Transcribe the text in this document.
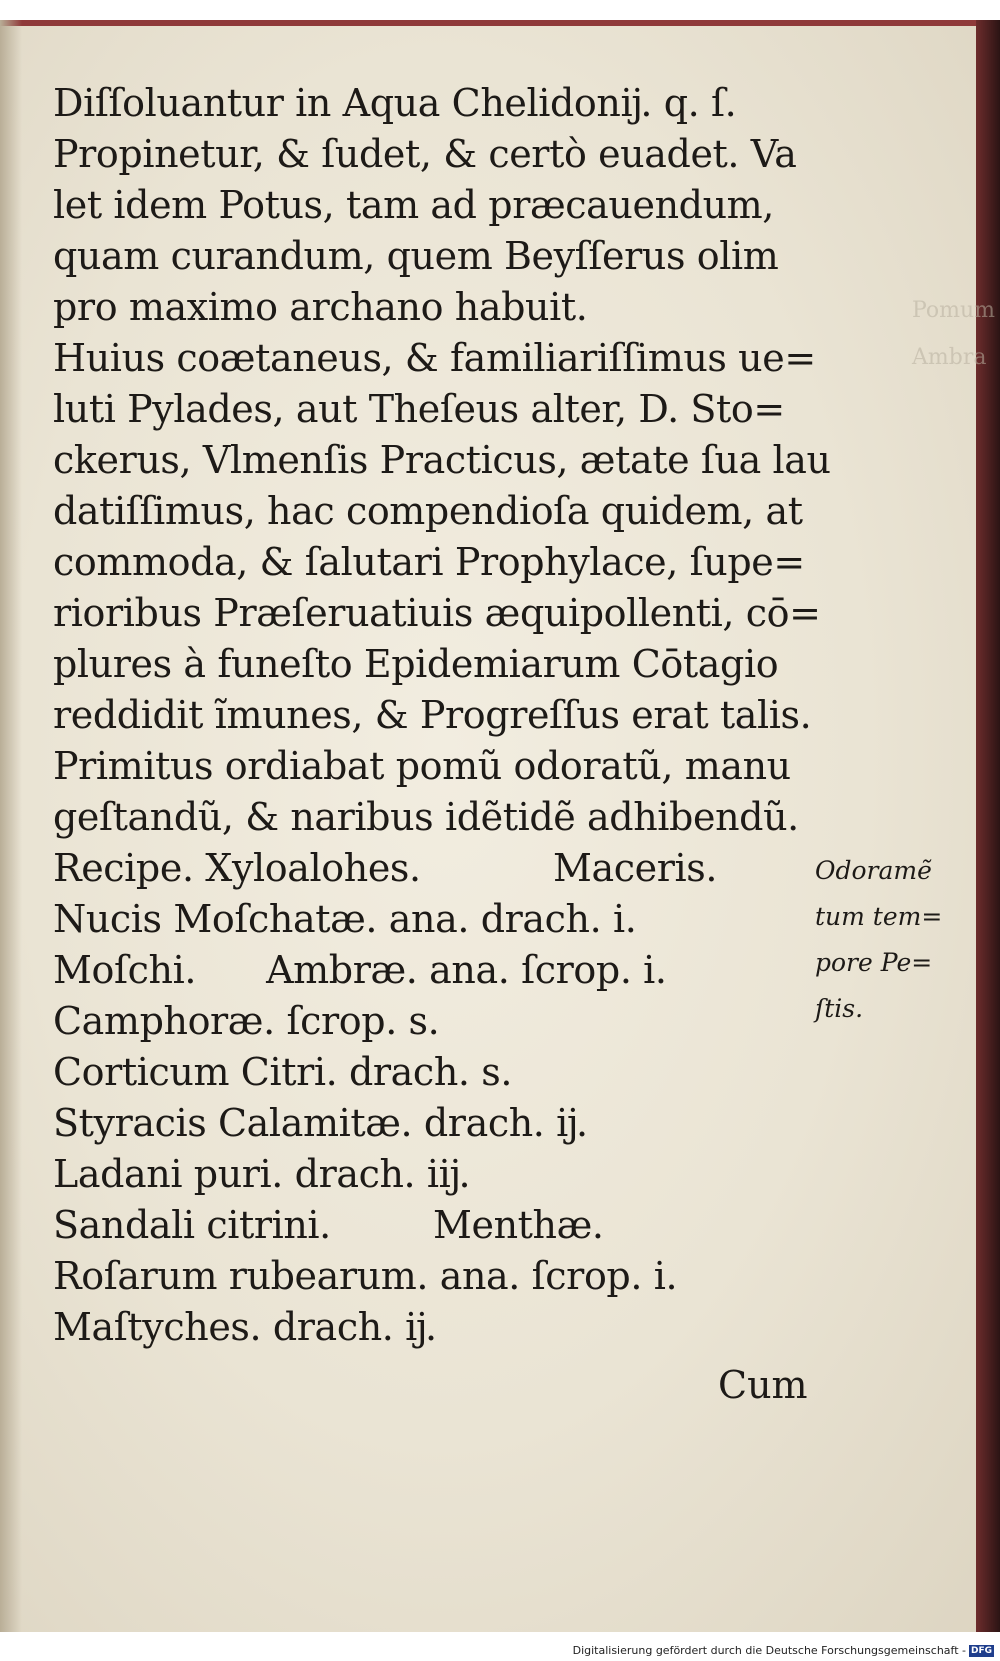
Pomum
Ambra
Diſſoluantur in Aqua Chelidonĳ. q. ſ.
Propinetur, & ſudet, & certò euadet. Va
let idem Potus, tam ad præcauendum,
quam curandum, quem Beyſſerus olim
pro maximo archano habuit.
Huius coætaneus, & familiariſſimus ue=
luti Pylades, aut Theſeus alter, D. Sto=
ckerus, Vlmenſis Practicus, ætate ſua lau
datiſſimus, hac compendioſa quidem, at
commoda, & ſalutari Prophylace, ſupe=
rioribus Præſeruatiuis æquipollenti, cō=
plures à funeſto Epidemiarum Cōtagio
reddidit ĩmunes, & Progreſſus erat talis.
Primitus ordiabat pomũ odoratũ, manu
geſtandũ, & naribus idẽtidẽ adhibendũ.
Recipe. Xyloalohes.	Maceris.
Nucis Moſchatæ. ana. drach. i.
Moſchi.      Ambræ. ana. ſcrop. i.
Camphoræ. ſcrop. s.
Corticum Citri. drach. s.
Styracis Calamitæ. drach. ĳ.
Ladani puri. drach. iĳ.
Sandali citrini.	Menthæ.
Roſarum rubearum. ana. ſcrop. i.
Maſtyches. drach. ĳ.
Odoramẽ
tum tem=
pore Pe=
ſtis.
Cum
Digitalisierung gefördert durch die Deutsche Forschungsgemeinschaft - DFG
